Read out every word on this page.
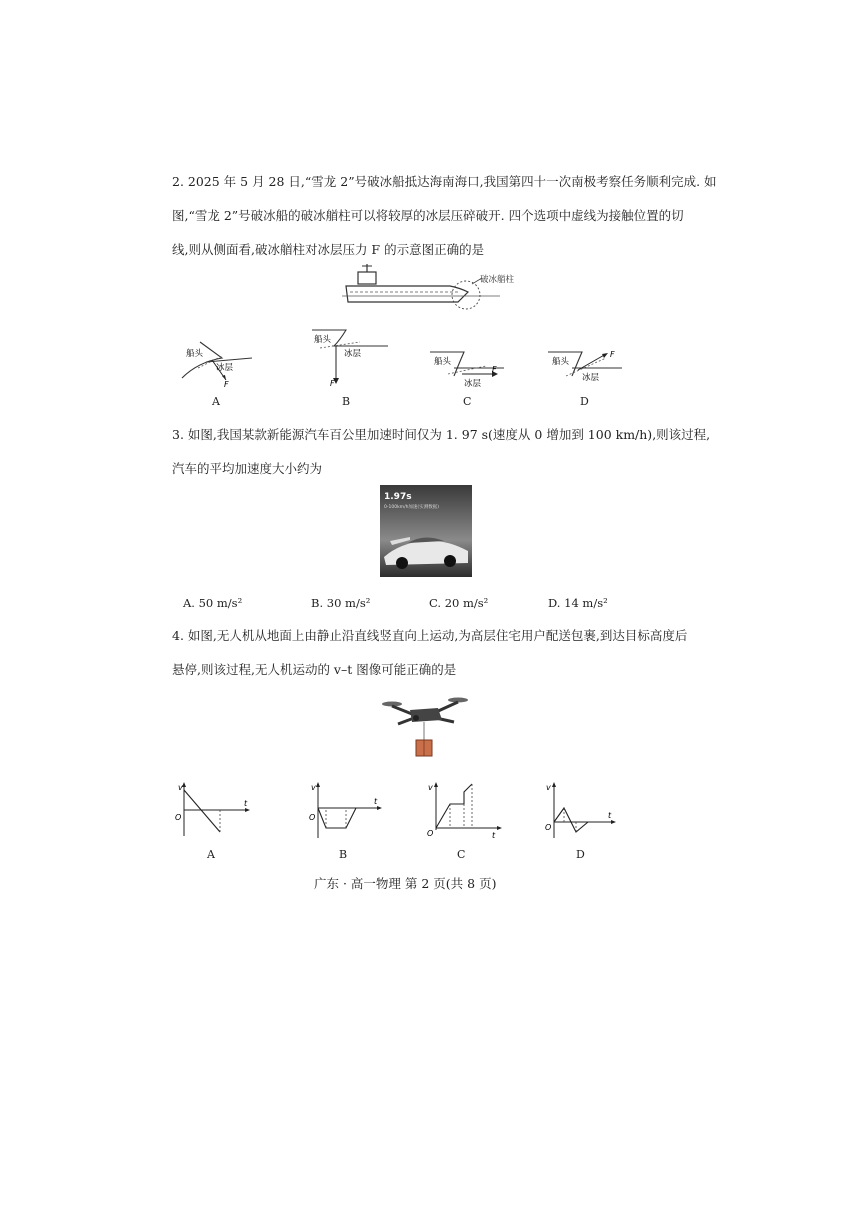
2. 2025 年 5 月 28 日,“雪龙 2”号破冰船抵达海南海口,我国第四十一次南极考察任务顺利完成. 如
图,“雪龙 2”号破冰船的破冰艏柱可以将较厚的冰层压碎破开. 四个选项中虚线为接触位置的切
线,则从侧面看,破冰艏柱对冰层压力 F 的示意图正确的是
破冰艏柱
船头
冰层
F
A
船头
冰层
F
B
船头
冰层
F
C
船头
冰层
F
D
3. 如图,我国某款新能源汽车百公里加速时间仅为 1. 97 s(速度从 0 增加到 100 km/h),则该过程,
汽车的平均加速度大小约为
1.97s
0-100km/h加速(实测数据)
A. 50 m/s²	B. 30 m/s²	C. 20 m/s²	D. 14 m/s²
4. 如图,无人机从地面上由静止沿直线竖直向上运动,为高层住宅用户配送包裹,到达目标高度后
悬停,则该过程,无人机运动的 v–t 图像可能正确的是
v
t
O
A
v
t
O
B
v
t
O
C
v
t
O
D
广东 · 高一物理 第 2 页(共 8 页)
